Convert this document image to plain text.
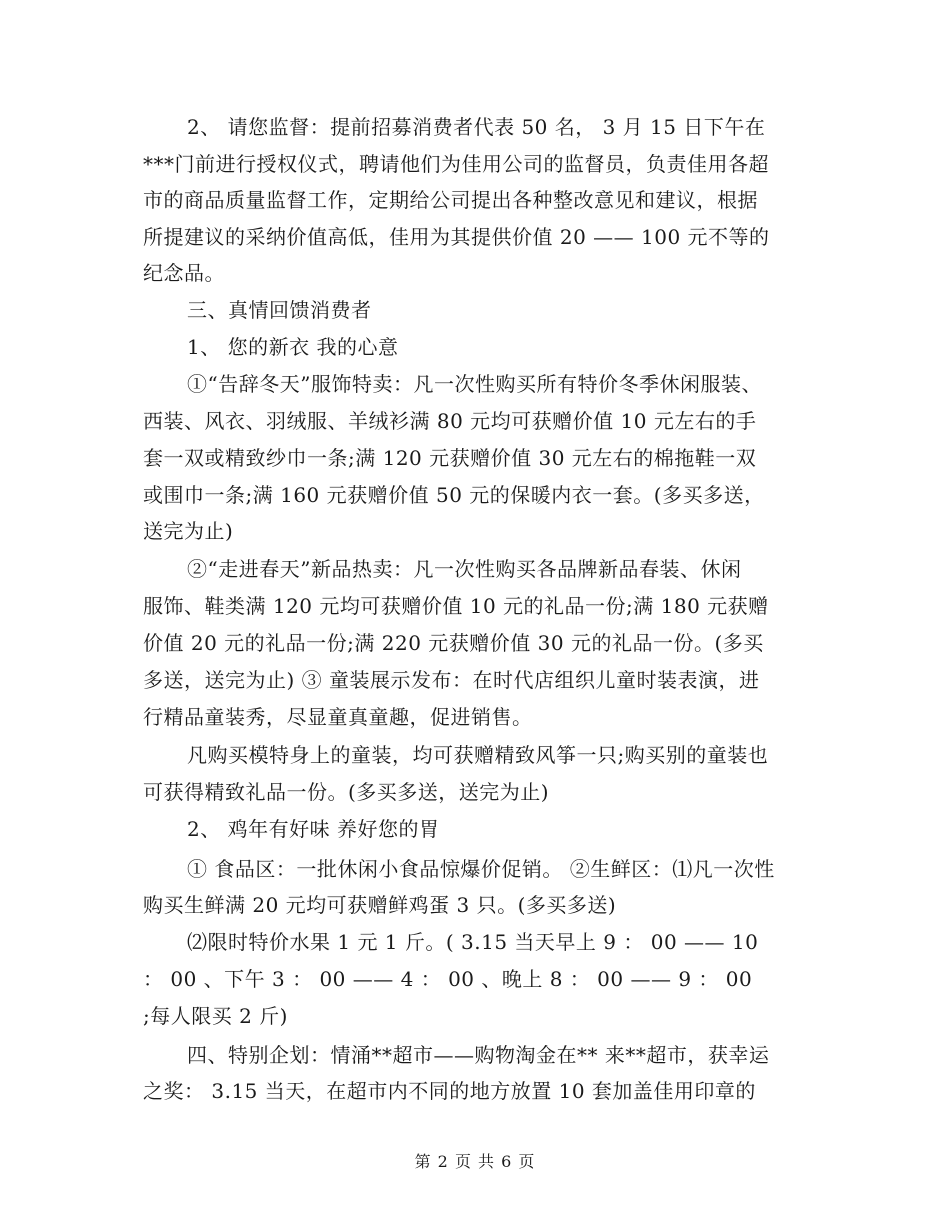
2、 请您监督：提前招募消费者代表 50 名， 3 月 15 日下午在
***门前进行授权仪式，聘请他们为佳用公司的监督员，负责佳用各超
市的商品质量监督工作，定期给公司提出各种整改意见和建议，根据
所提建议的采纳价值高低，佳用为其提供价值 20 —— 100 元不等的
纪念品。
三、真情回馈消费者
1、 您的新衣 我的心意
①“告辞冬天”服饰特卖：凡一次性购买所有特价冬季休闲服装、
西装、风衣、羽绒服、羊绒衫满 80 元均可获赠价值 10 元左右的手
套一双或精致纱巾一条;满 120 元获赠价值 30 元左右的棉拖鞋一双
或围巾一条;满 160 元获赠价值 50 元的保暖内衣一套。(多买多送，
送完为止)
②“走进春天”新品热卖：凡一次性购买各品牌新品春装、休闲
服饰、鞋类满 120 元均可获赠价值 10 元的礼品一份;满 180 元获赠
价值 20 元的礼品一份;满 220 元获赠价值 30 元的礼品一份。(多买
多送，送完为止) ③ 童装展示发布：在时代店组织儿童时装表演，进
行精品童装秀，尽显童真童趣，促进销售。
凡购买模特身上的童装，均可获赠精致风筝一只;购买别的童装也
可获得精致礼品一份。(多买多送，送完为止)
2、 鸡年有好味 养好您的胃
① 食品区：一批休闲小食品惊爆价促销。 ②生鲜区：⑴凡一次性
购买生鲜满 20 元均可获赠鲜鸡蛋 3 只。(多买多送)
⑵限时特价水果 1 元 1 斤。( 3.15 当天早上 9 ： 00 —— 10
： 00 、下午 3 ： 00 —— 4 ： 00 、晚上 8 ： 00 —— 9 ： 00
;每人限买 2 斤)
四、特别企划：情涌**超市——购物淘金在** 来**超市，获幸运
之奖： 3.15 当天，在超市内不同的地方放置 10 套加盖佳用印章的
第 2 页 共 6 页
